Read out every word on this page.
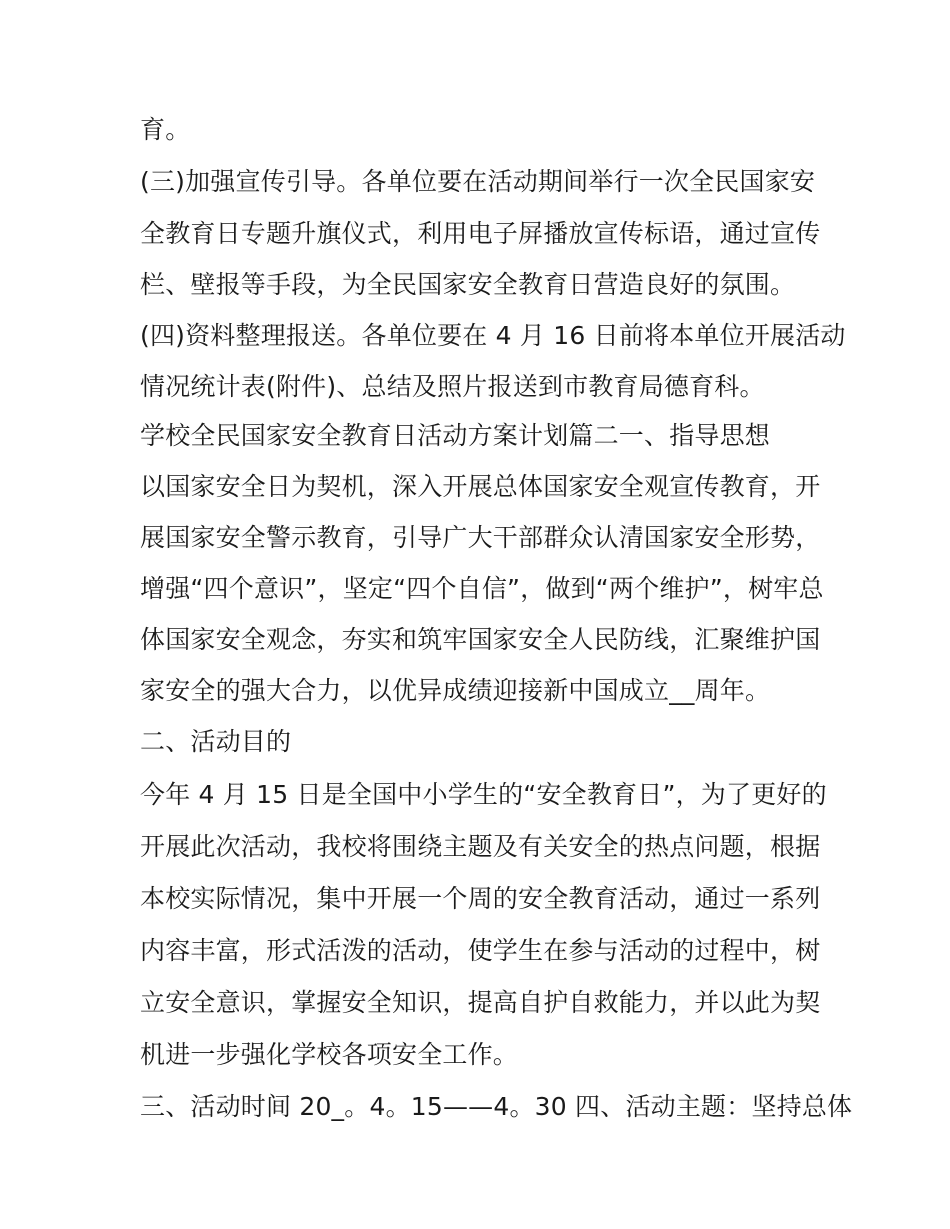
育。
(三)加强宣传引导。各单位要在活动期间举行一次全民国家安
全教育日专题升旗仪式，利用电子屏播放宣传标语，通过宣传
栏、壁报等手段，为全民国家安全教育日营造良好的氛围。
(四)资料整理报送。各单位要在 4 月 16 日前将本单位开展活动
情况统计表(附件)、总结及照片报送到市教育局德育科。
学校全民国家安全教育日活动方案计划篇二一、指导思想
以国家安全日为契机，深入开展总体国家安全观宣传教育，开
展国家安全警示教育，引导广大干部群众认清国家安全形势，
增强“四个意识”，坚定“四个自信”，做到“两个维护”，树牢总
体国家安全观念，夯实和筑牢国家安全人民防线，汇聚维护国
家安全的强大合力，以优异成绩迎接新中国成立__周年。
二、活动目的
今年 4 月 15 日是全国中小学生的“安全教育日”，为了更好的
开展此次活动，我校将围绕主题及有关安全的热点问题，根据
本校实际情况，集中开展一个周的安全教育活动，通过一系列
内容丰富，形式活泼的活动，使学生在参与活动的过程中，树
立安全意识，掌握安全知识，提高自护自救能力，并以此为契
机进一步强化学校各项安全工作。
三、活动时间 20_。4。15——4。30 四、活动主题：坚持总体
